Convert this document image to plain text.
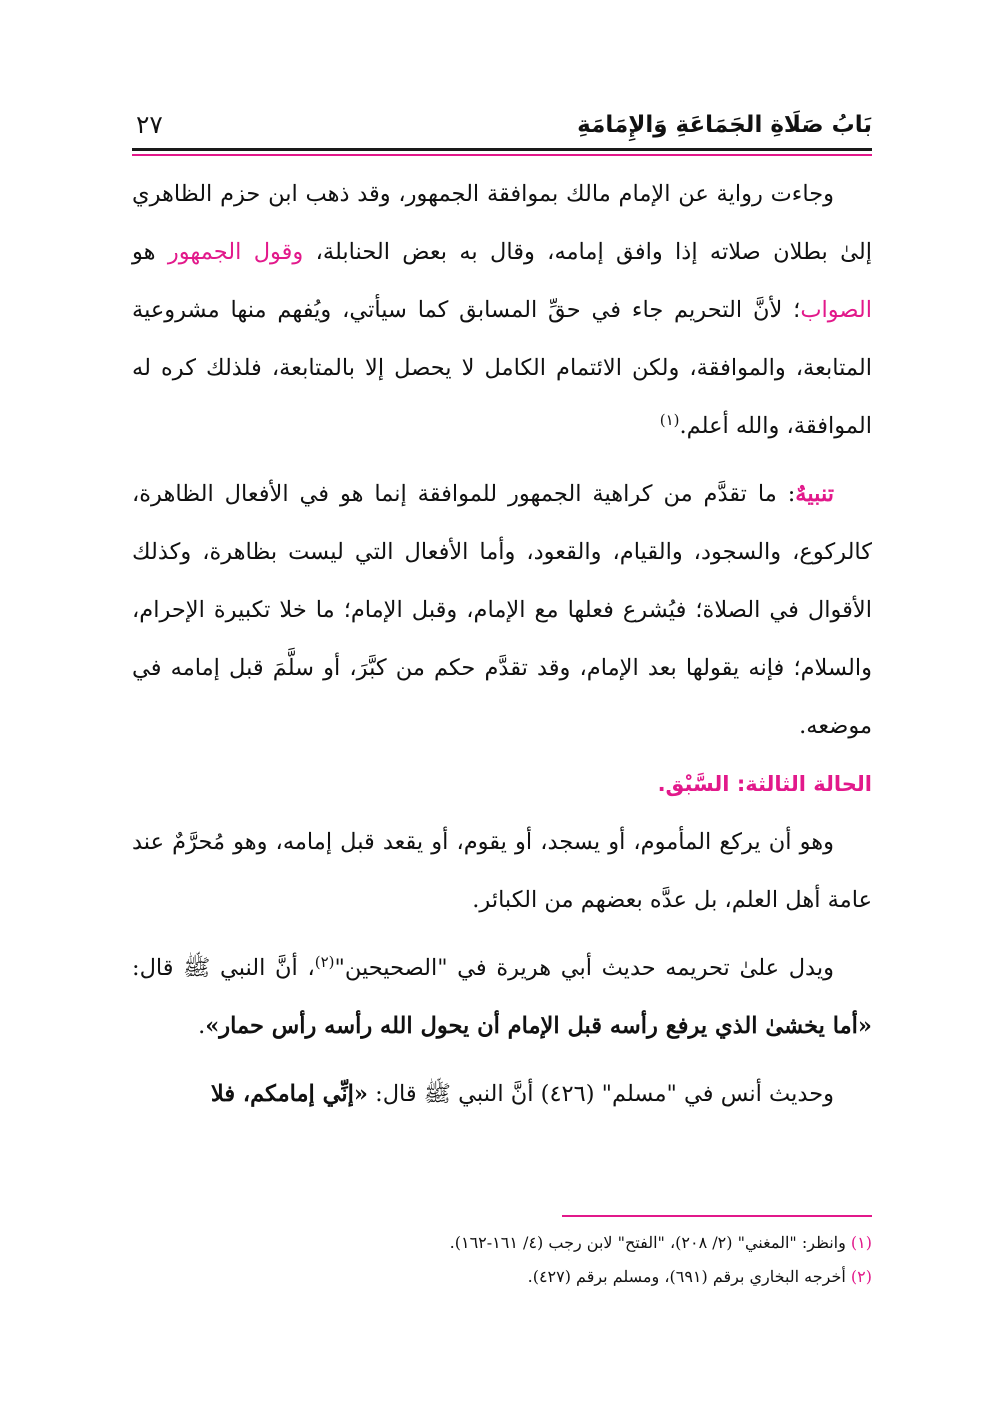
بَابُ صَلَاةِ الجَمَاعَةِ وَالإِمَامَةِ
٢٧

وجاءت رواية عن الإمام مالك بموافقة الجمهور، وقد ذهب ابن حزم الظاهري إلىٰ بطلان صلاته إذا وافق إمامه، وقال به بعض الحنابلة، وقول الجمهور هو الصواب؛ لأنَّ التحريم جاء في حقِّ المسابق كما سيأتي، ويُفهم منها مشروعية المتابعة، والموافقة، ولكن الائتمام الكامل لا يحصل إلا بالمتابعة، فلذلك كره له الموافقة، والله أعلم.$^{(١)}$

تنبيهٌ: ما تقدَّم من كراهية الجمهور للموافقة إنما هو في الأفعال الظاهرة، كالركوع، والسجود، والقيام، والقعود، وأما الأفعال التي ليست بظاهرة، وكذلك الأقوال في الصلاة؛ فيُشرع فعلها مع الإمام، وقبل الإمام؛ ما خلا تكبيرة الإحرام، والسلام؛ فإنه يقولها بعد الإمام، وقد تقدَّم حكم من كبَّرَ، أو سلَّمَ قبل إمامه في موضعه.

الحالة الثالثة: السَّبْق.

وهو أن يركع المأموم، أو يسجد، أو يقوم، أو يقعد قبل إمامه، وهو مُحرَّمٌ عند عامة أهل العلم، بل عدَّه بعضهم من الكبائر.

ويدل علىٰ تحريمه حديث أبي هريرة في "الصحيحين"$^{(٢)}$، أنَّ النبي ﷺ قال: «أما يخشىٰ الذي يرفع رأسه قبل الإمام أن يحول الله رأسه رأس حمار».

وحديث أنس في "مسلم" (٤٢٦) أنَّ النبي ﷺ قال: «إنِّي إمامكم، فلا

(١) وانظر: "المغني" (٢/ ٢٠٨)، "الفتح" لابن رجب (٤/ ١٦١-١٦٢).

(٢) أخرجه البخاري برقم (٦٩١)، ومسلم برقم (٤٢٧).
